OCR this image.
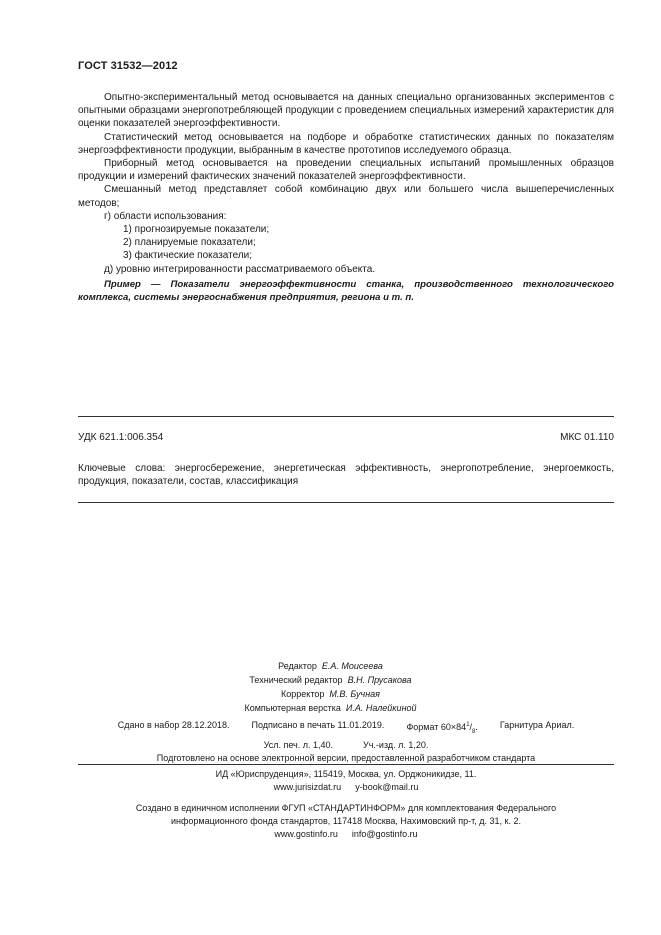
ГОСТ 31532—2012

Опытно-экспериментальный метод основывается на данных специально организованных экспериментов с опытными образцами энергопотребляющей продукции с проведением специальных измерений характеристик для оценки показателей энергоэффективности.

Статистический метод основывается на подборе и обработке статистических данных по показателям энергоэффективности продукции, выбранным в качестве прототипов исследуемого образца.

Приборный метод основывается на проведении специальных испытаний промышленных образцов продукции и измерений фактических значений показателей энергоэффективности.

Смешанный метод представляет собой комбинацию двух или большего числа вышеперечисленных методов;

г) области использования:

1) прогнозируемые показатели;

2) планируемые показатели;

3) фактические показатели;

д) уровню интегрированности рассматриваемого объекта.

Пример — Показатели энергоэффективности станка, производственного технологического комплекса, системы энергоснабжения предприятия, региона и т. п.

УДК 621.1:006.354	МКС 01.110

Ключевые слова: энергосбережение, энергетическая эффективность, энергопотребление, энергоемкость, продукция, показатели, состав, классификация

Редактор Е.А. Моисеева
Технический редактор В.Н. Прусакова
Корректор М.В. Бучная
Компьютерная верстка И.А. Налейкиной
Сдано в набор 28.12.2018. Подписано в печать 11.01.2019. Формат $60\times 84^1/_8$. Гарнитура Ариал.
Усл. печ. л. 1,40.	Уч.-изд. л. 1,20.
Подготовлено на основе электронной версии, предоставленной разработчиком стандарта
ИД «Юриспруденция», 115419, Москва, ул. Орджоникидзе, 11.
www.jurisizdat.ru y-book@mail.ru
Создано в единичном исполнении ФГУП «СТАНДАРТИНФОРМ» для комплектования Федерального
информационного фонда стандартов, 117418 Москва, Нахимовский пр-т, д. 31, к. 2.
www.gostinfo.ru info@gostinfo.ru
